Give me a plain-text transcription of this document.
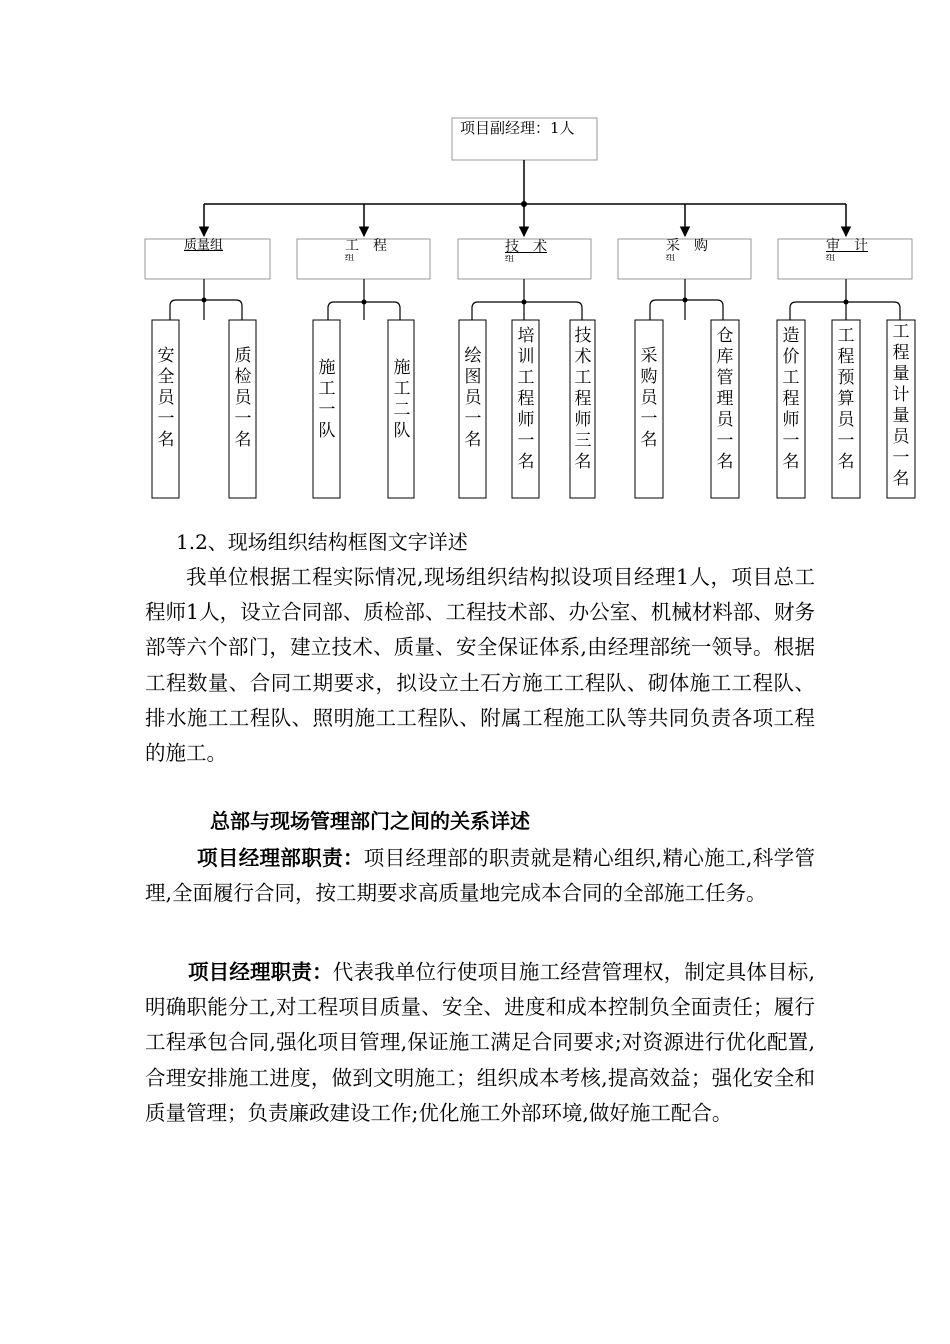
项目副经理：1人
质量组	工　程
组
技　术
组
采　购
组
审　计
组
安全员一名
质检员一名
施工一队
施工二队
绘图员一名
培训工程师一名
技术工程师三名
采购员一名
仓库管理员一名
造价工程师一名
工程预算员一名
工程量计量员一名
1.2、现场组织结构框图文字详述
我单位根据工程实际情况,现场组织结构拟设项目经理1人，项目总工程师1人，设立合同部、质检部、工程技术部、办公室、机械材料部、财务部等六个部门，建立技术、质量、安全保证体系,由经理部统一领导。根据工程数量、合同工期要求，拟设立土石方施工工程队、砌体施工工程队、排水施工工程队、照明施工工程队、附属工程施工队等共同负责各项工程的施工。
总部与现场管理部门之间的关系详述
项目经理部职责：项目经理部的职责就是精心组织,精心施工,科学管理,全面履行合同，按工期要求高质量地完成本合同的全部施工任务。
项目经理职责：代表我单位行使项目施工经营管理权，制定具体目标,明确职能分工,对工程项目质量、安全、进度和成本控制负全面责任；履行工程承包合同,强化项目管理,保证施工满足合同要求;对资源进行优化配置,合理安排施工进度，做到文明施工；组织成本考核,提高效益；强化安全和质量管理；负责廉政建设工作;优化施工外部环境,做好施工配合。
